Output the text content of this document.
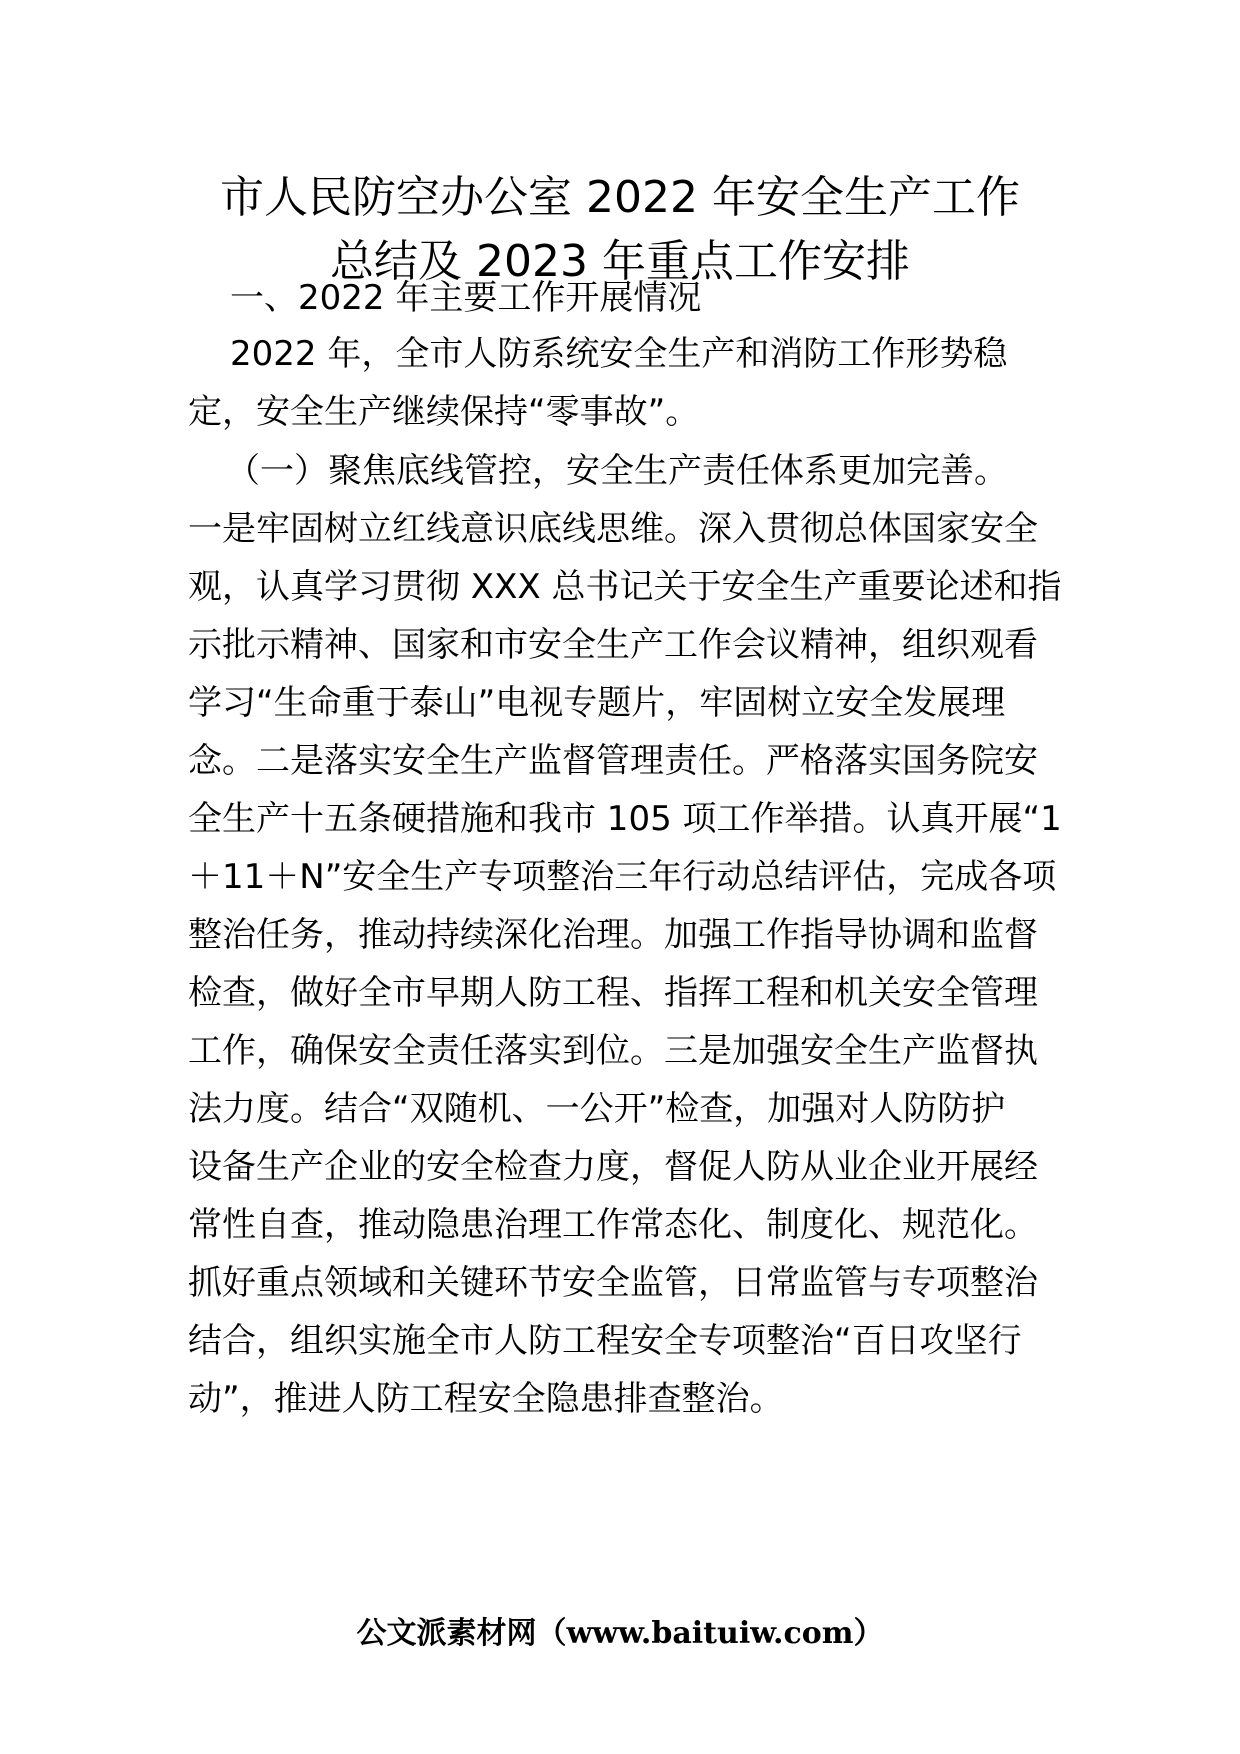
市人民防空办公室 2022 年安全生产工作
总结及 2023 年重点工作安排
一、2022 年主要工作开展情况
2022 年，全市人防系统安全生产和消防工作形势稳
定，安全生产继续保持“零事故”。
（一）聚焦底线管控，安全生产责任体系更加完善。
一是牢固树立红线意识底线思维。深入贯彻总体国家安全
观，认真学习贯彻 XXX 总书记关于安全生产重要论述和指
示批示精神、国家和市安全生产工作会议精神，组织观看
学习“生命重于泰山”电视专题片，牢固树立安全发展理
念。二是落实安全生产监督管理责任。严格落实国务院安
全生产十五条硬措施和我市 105 项工作举措。认真开展“1
＋11＋N”安全生产专项整治三年行动总结评估，完成各项
整治任务，推动持续深化治理。加强工作指导协调和监督
检查，做好全市早期人防工程、指挥工程和机关安全管理
工作，确保安全责任落实到位。三是加强安全生产监督执
法力度。结合“双随机、一公开”检查，加强对人防防护
设备生产企业的安全检查力度，督促人防从业企业开展经
常性自查，推动隐患治理工作常态化、制度化、规范化。
抓好重点领域和关键环节安全监管，日常监管与专项整治
结合，组织实施全市人防工程安全专项整治“百日攻坚行
动”，推进人防工程安全隐患排查整治。
公文派素材网（www.baituiw.com）
